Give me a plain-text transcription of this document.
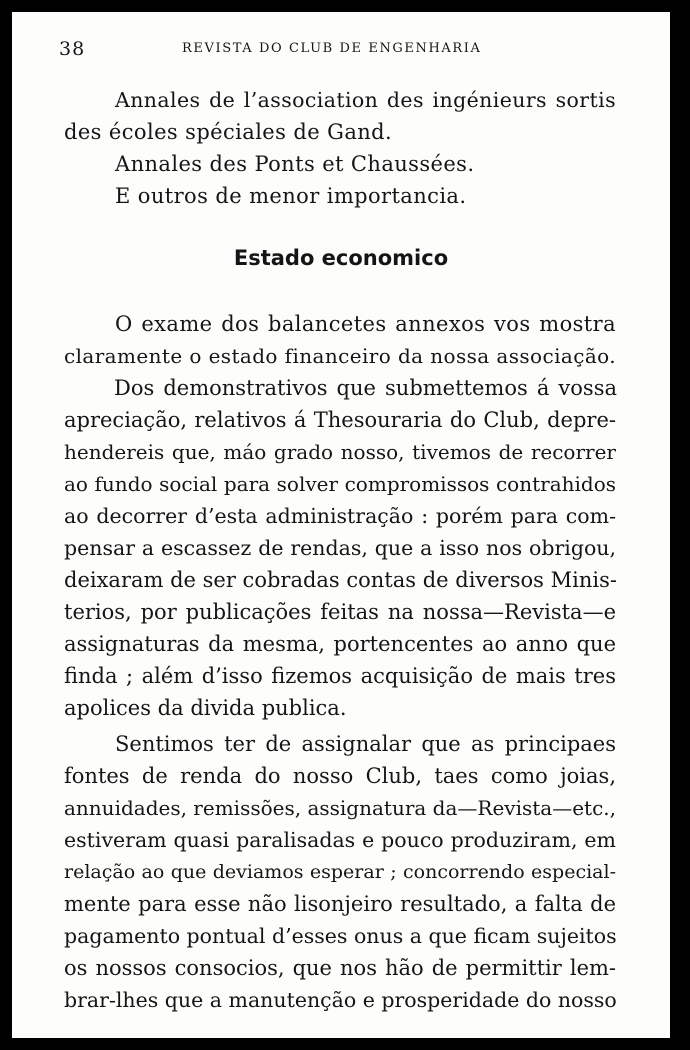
38	REVISTA DO CLUB DE ENGENHARIA
Annales de l’association des ingénieurs sortis
des écoles spéciales de Gand.
Annales des Ponts et Chaussées.
E outros de menor importancia.
Estado economico
O exame dos balancetes annexos vos mostra
claramente o estado financeiro da nossa associação.
Dos demonstrativos que submettemos á vossa
apreciação, relativos á Thesouraria do Club, depre-
hendereis que, máo grado nosso, tivemos de recorrer
ao fundo social para solver compromissos contrahidos
ao decorrer d’esta administração : porém para com-
pensar a escassez de rendas, que a isso nos obrigou,
deixaram de ser cobradas contas de diversos Minis-
terios, por publicações feitas na nossa—Revista—e
assignaturas da mesma, portencentes ao anno que
finda ; além d’isso fizemos acquisição de mais tres
apolices da divida publica.
Sentimos ter de assignalar que as principaes
fontes de renda do nosso Club, taes como joias,
annuidades, remissões, assignatura da—Revista—etc.,
estiveram quasi paralisadas e pouco produziram, em
relação ao que deviamos esperar ; concorrendo especial-
mente para esse não lisonjeiro resultado, a falta de
pagamento pontual d’esses onus a que ficam sujeitos
os nossos consocios, que nos hão de permittir lem-
brar-lhes que a manutenção e prosperidade do nosso
